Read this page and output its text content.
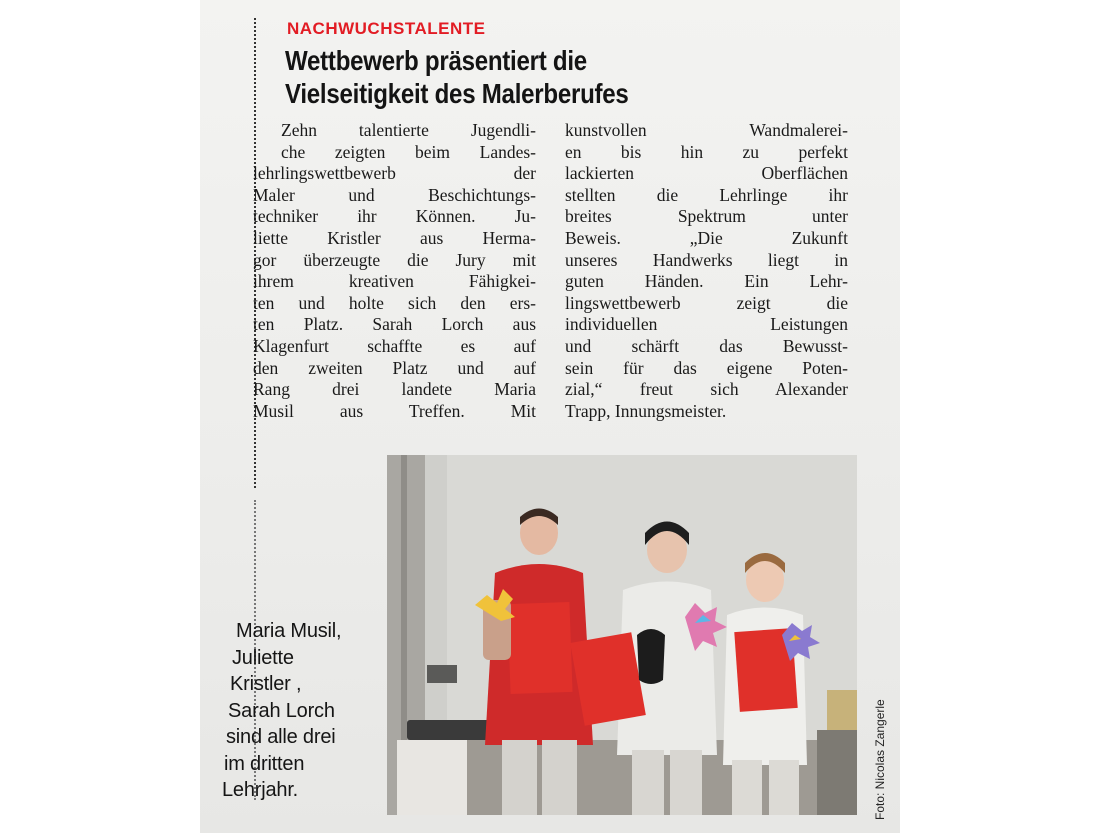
NACHWUCHSTALENTE
Wettbewerb präsentiert die
Vielseitigkeit des Malerberufes
Zehn talentierte Jugendli-
che zeigten beim Landes-
lehrlingswettbewerb der
Maler und Beschichtungs-
techniker ihr Können. Ju-
liette Kristler aus Herma-
gor überzeugte die Jury mit
ihrem kreativen Fähigkei-
ten und holte sich den ers-
ten Platz. Sarah Lorch aus
Klagenfurt schaffte es auf
den zweiten Platz und auf
Rang drei landete Maria
Musil aus Treffen. Mit
kunstvollen Wandmalerei-
en bis hin zu perfekt
lackierten Oberflächen
stellten die Lehrlinge ihr
breites Spektrum unter
Beweis. „Die Zukunft
unseres Handwerks liegt in
guten Händen. Ein Lehr-
lingswettbewerb zeigt die
individuellen Leistungen
und schärft das Bewusst-
sein für das eigene Poten-
zial,“ freut sich Alexander
Trapp, Innungsmeister.
Maria Musil,
Juliette
Kristler ,
Sarah Lorch
sind alle drei
im dritten
Lehrjahr.	Foto: Nicolas Zangerle
